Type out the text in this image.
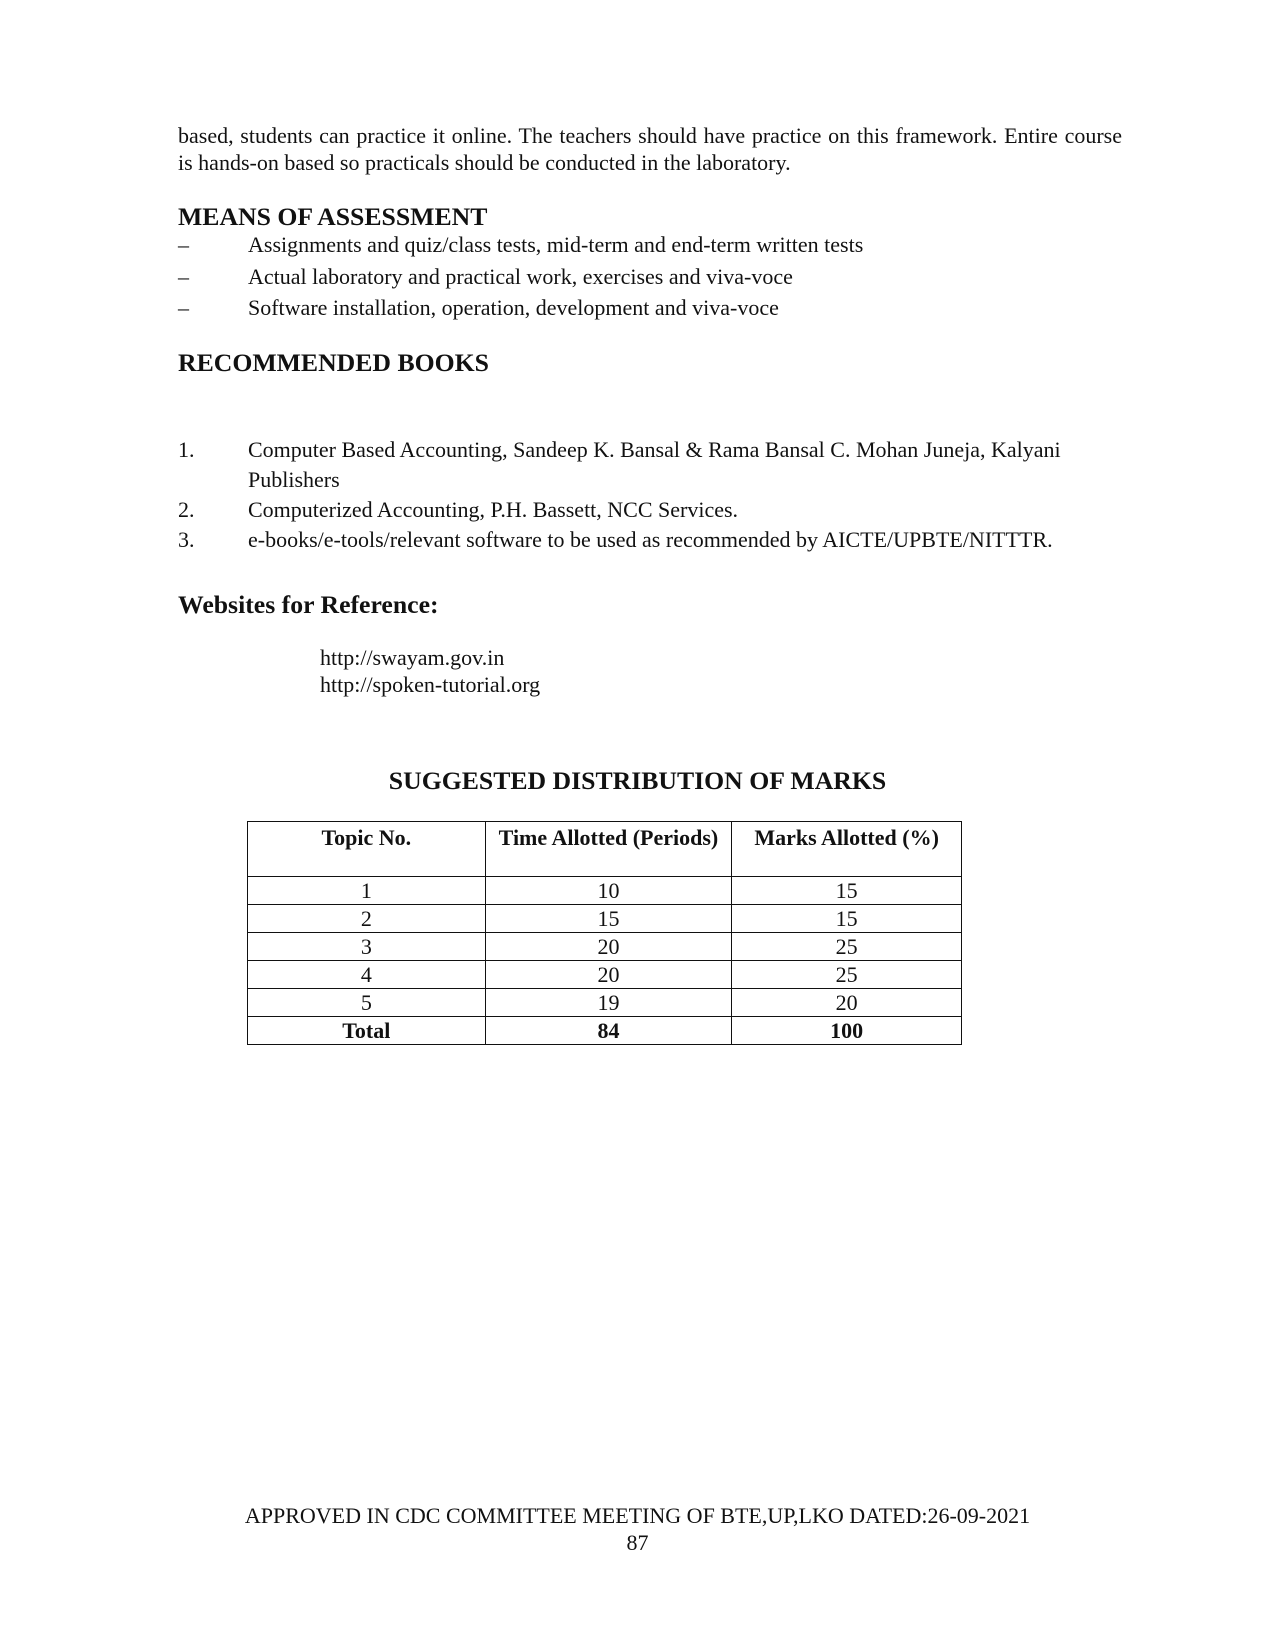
based, students can practice it online. The teachers should have practice on this framework. Entire course is hands-on based so practicals should be conducted in the laboratory.

MEANS OF ASSESSMENT
–	Assignments and quiz/class tests, mid-term and end-term written tests
–	Actual laboratory and practical work, exercises and viva-voce
–	Software installation, operation, development and viva-voce
RECOMMENDED BOOKS
1. Computer Based Accounting, Sandeep K. Bansal & Rama Bansal C. Mohan Juneja, Kalyani Publishers
2. Computerized Accounting, P.H. Bassett, NCC Services.
3. e-books/e-tools/relevant software to be used as recommended by AICTE/UPBTE/NITTTR.
Websites for Reference:
http://swayam.gov.in
http://spoken-tutorial.org
SUGGESTED DISTRIBUTION OF MARKS
Topic No.	Time Allotted (Periods)	Marks Allotted (%)
1	10	15
2	15	15
3	20	25
4	20	25
5	19	20
Total	84	100
APPROVED IN CDC COMMITTEE MEETING OF BTE,UP,LKO DATED:26-09-2021
87
